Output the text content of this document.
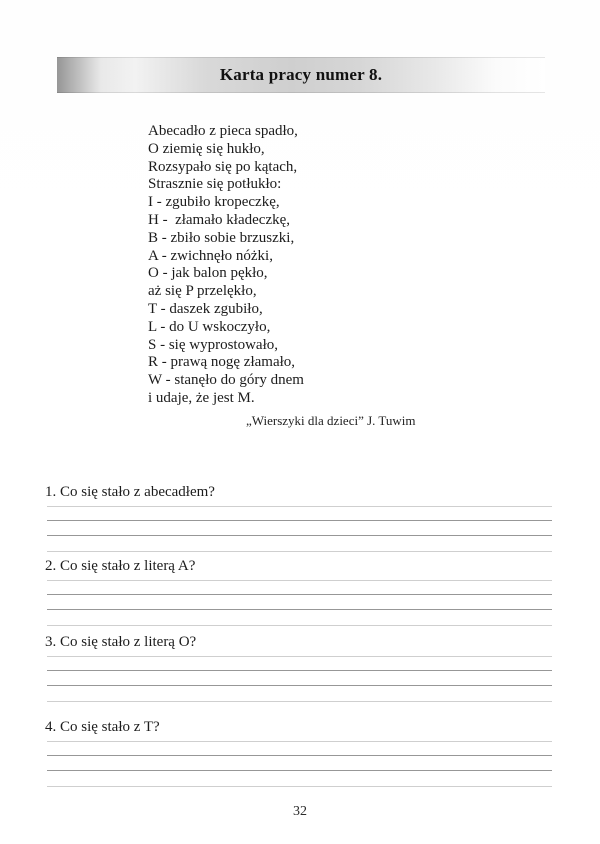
Karta pracy numer 8.
Abecadło z pieca spadło,
O ziemię się hukło,
Rozsypało się po kątach,
Strasznie się potłukło:
I - zgubiło kropeczkę,
H -  złamało kładeczkę,
B - zbiło sobie brzuszki,
A - zwichnęło nóżki,
O - jak balon pękło,
aż się P przelękło,
T - daszek zgubiło,
L - do U wskoczyło,
S - się wyprostowało,
R - prawą nogę złamało,
W - stanęło do góry dnem
i udaje, że jest M.
„Wierszyki dla dzieci” J. Tuwim
1. Co się stało z abecadłem?
2. Co się stało z literą A?
3. Co się stało z literą O?
4. Co się stało z T?
32
